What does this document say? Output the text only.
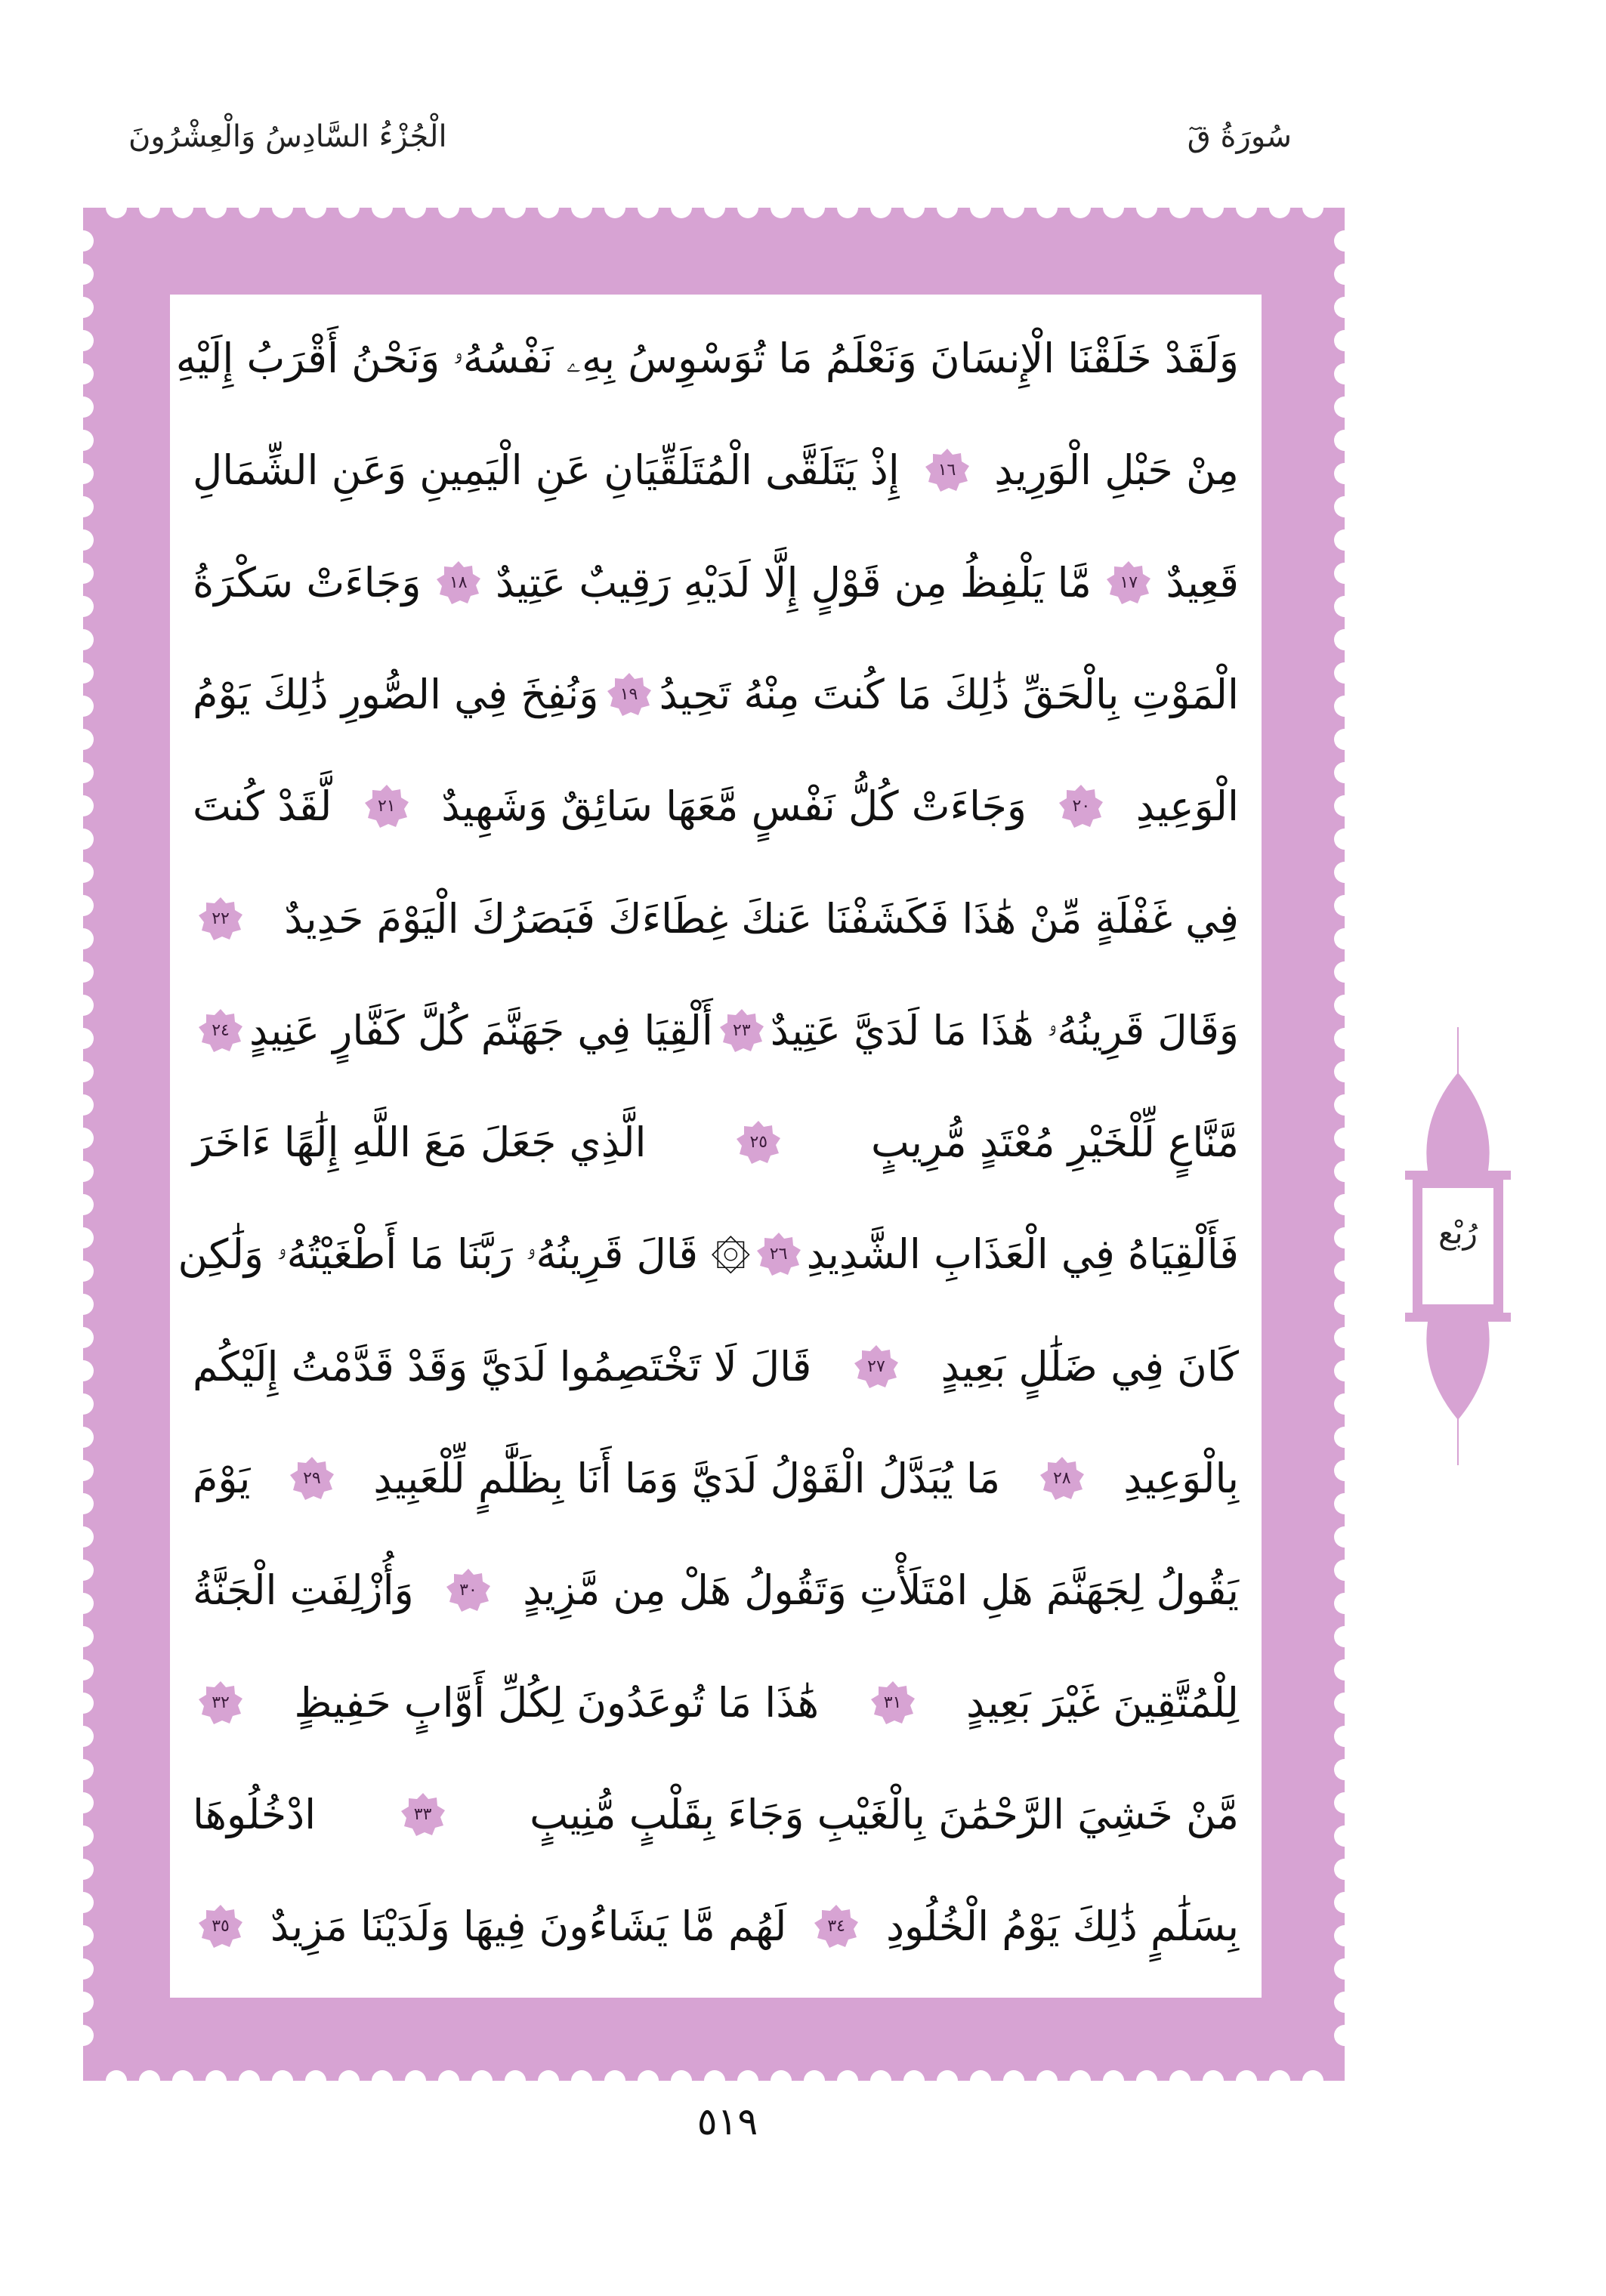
سُورَةُ قٓ
الْجُزْءُ السَّادِسُ وَالْعِشْرُونَ
وَلَقَدْ خَلَقْنَا الْإِنسَانَ وَنَعْلَمُ مَا تُوَسْوِسُ بِهِۦ نَفْسُهُۥ وَنَحْنُ أَقْرَبُ إِلَيْهِ
مِنْ حَبْلِ الْوَرِيدِ
١٦
إِذْ يَتَلَقَّى الْمُتَلَقِّيَانِ عَنِ الْيَمِينِ وَعَنِ الشِّمَالِ
قَعِيدٌ
١٧
مَّا يَلْفِظُ مِن قَوْلٍ إِلَّا لَدَيْهِ رَقِيبٌ عَتِيدٌ
١٨
وَجَاءَتْ سَكْرَةُ
الْمَوْتِ بِالْحَقِّ ذَٰلِكَ مَا كُنتَ مِنْهُ تَحِيدُ
١٩
وَنُفِخَ فِي الصُّورِ ذَٰلِكَ يَوْمُ
الْوَعِيدِ
٢٠
وَجَاءَتْ كُلُّ نَفْسٍ مَّعَهَا سَائِقٌ وَشَهِيدٌ
٢١
لَّقَدْ كُنتَ
فِي غَفْلَةٍ مِّنْ هَٰذَا فَكَشَفْنَا عَنكَ غِطَاءَكَ فَبَصَرُكَ الْيَوْمَ حَدِيدٌ
٢٢
وَقَالَ قَرِينُهُۥ هَٰذَا مَا لَدَيَّ عَتِيدٌ
٢٣
أَلْقِيَا فِي جَهَنَّمَ كُلَّ كَفَّارٍ عَنِيدٍ
٢٤
مَّنَّاعٍ لِّلْخَيْرِ مُعْتَدٍ مُّرِيبٍ
٢٥
الَّذِي جَعَلَ مَعَ اللَّهِ إِلَٰهًا ءَاخَرَ
فَأَلْقِيَاهُ فِي الْعَذَابِ الشَّدِيدِ
٢٦
۞ قَالَ قَرِينُهُۥ رَبَّنَا مَا أَطْغَيْتُهُۥ وَلَٰكِن
كَانَ فِي ضَلَٰلٍ بَعِيدٍ
٢٧
قَالَ لَا تَخْتَصِمُوا لَدَيَّ وَقَدْ قَدَّمْتُ إِلَيْكُم
بِالْوَعِيدِ
٢٨
مَا يُبَدَّلُ الْقَوْلُ لَدَيَّ وَمَا أَنَا بِظَلَّٰمٍ لِّلْعَبِيدِ
٢٩
يَوْمَ
يَقُولُ لِجَهَنَّمَ هَلِ امْتَلَأْتِ وَتَقُولُ هَلْ مِن مَّزِيدٍ
٣٠
وَأُزْلِفَتِ الْجَنَّةُ
لِلْمُتَّقِينَ غَيْرَ بَعِيدٍ
٣١
هَٰذَا مَا تُوعَدُونَ لِكُلِّ أَوَّابٍ حَفِيظٍ
٣٢
مَّنْ خَشِيَ الرَّحْمَٰنَ بِالْغَيْبِ وَجَاءَ بِقَلْبٍ مُّنِيبٍ
٣٣
ادْخُلُوهَا
بِسَلَٰمٍ ذَٰلِكَ يَوْمُ الْخُلُودِ
٣٤
لَهُم مَّا يَشَاءُونَ فِيهَا وَلَدَيْنَا مَزِيدٌ
٣٥
رُبْع
٥١٩
